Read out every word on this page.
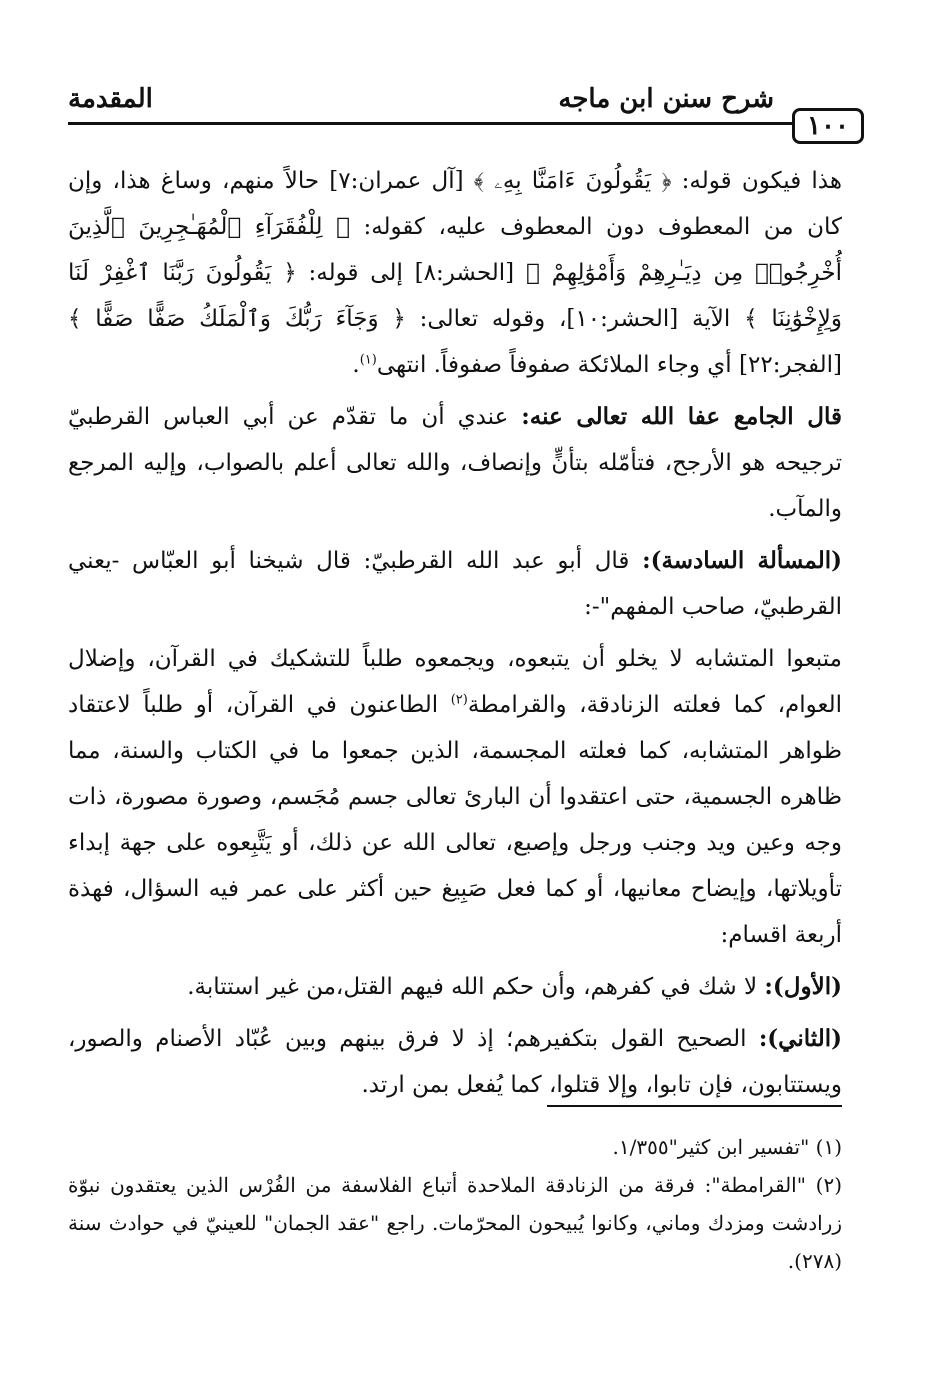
١٠٠
شرح سنن ابن ماجه
المقدمة

هذا فيكون قوله: ﴿ يَقُولُونَ ءَامَنَّا بِهِۦ ﴾ [آل عمران:٧] حالاً منهم، وساغ هذا، وإن كان من المعطوف دون المعطوف عليه، كقوله: ﴿ لِلْفُقَرَآءِ ٱلْمُهَـٰجِرِينَ ٱلَّذِينَ أُخْرِجُوا۟ مِن دِيَـٰرِهِمْ وَأَمْوَٰلِهِمْ ﴾ [الحشر:٨] إلى قوله: ﴿ يَقُولُونَ رَبَّنَا ٱغْفِرْ لَنَا وَلِإِخْوَٰنِنَا ﴾ الآية [الحشر:١٠]، وقوله تعالى: ﴿ وَجَآءَ رَبُّكَ وَٱلْمَلَكُ صَفًّا صَفًّا ﴾ [الفجر:٢٢] أي وجاء الملائكة صفوفاً صفوفاً. انتهى$^{(١)}$.

قال الجامع عفا الله تعالى عنه: عندي أن ما تقدّم عن أبي العباس القرطبيّ ترجيحه هو الأرجح، فتأمّله بتأنٍّ وإنصاف، والله تعالى أعلم بالصواب، وإليه المرجع والمآب.

(المسألة السادسة): قال أبو عبد الله القرطبيّ: قال شيخنا أبو العبّاس -يعني القرطبيّ، صاحب المفهم"-:

متبعوا المتشابه لا يخلو أن يتبعوه، ويجمعوه طلباً للتشكيك في القرآن، وإضلال العوام، كما فعلته الزنادقة، والقرامطة$^{(٢)}$ الطاعنون في القرآن، أو طلباً لاعتقاد ظواهر المتشابه، كما فعلته المجسمة، الذين جمعوا ما في الكتاب والسنة، مما ظاهره الجسمية، حتى اعتقدوا أن البارئ تعالى جسم مُجَسم، وصورة مصورة، ذات وجه وعين ويد وجنب ورجل وإصبع، تعالى الله عن ذلك، أو يَتَّبِعوه على جهة إبداء تأويلاتها، وإيضاح معانيها، أو كما فعل صَبِيغ حين أكثر على عمر فيه السؤال، فهذة أربعة اقسام:

(الأول): لا شك في كفرهم، وأن حكم الله فيهم القتل،من غير استتابة.

(الثاني): الصحيح القول بتكفيرهم؛ إذ لا فرق بينهم وبين عُبّاد الأصنام والصور، ويستتابون، فإن تابوا، وإلا قتلوا، كما يُفعل بمن ارتد.

(١) "تفسير ابن كثير"١/٣٥٥.

(٢) "القرامطة": فرقة من الزنادقة الملاحدة أتباع الفلاسفة من الفُرْس الذين يعتقدون نبوّة زرادشت ومزدك وماني، وكانوا يُبيحون المحرّمات. راجع "عقد الجمان" للعينيّ في حوادث سنة (٢٧٨).
